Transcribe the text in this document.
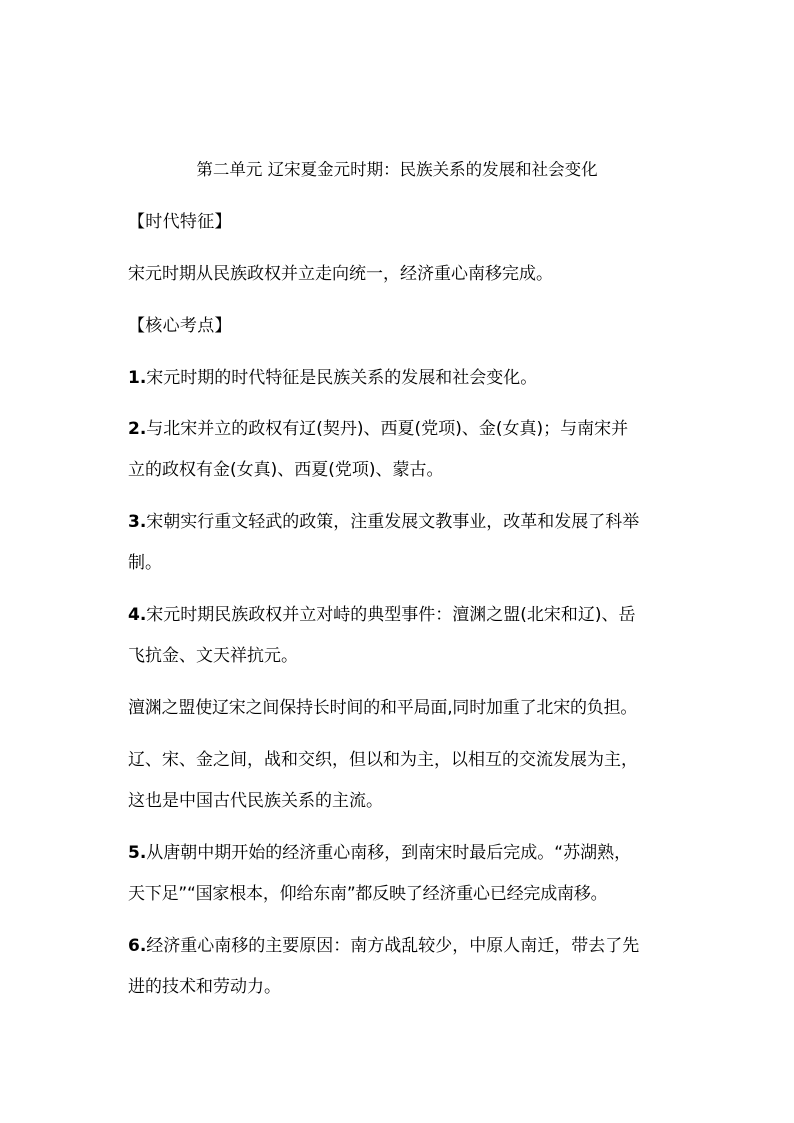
第二单元 辽宋夏金元时期：民族关系的发展和社会变化
【时代特征】
宋元时期从民族政权并立走向统一，经济重心南移完成。
【核心考点】
1.宋元时期的时代特征是民族关系的发展和社会变化。
2.与北宋并立的政权有辽(契丹)、西夏(党项)、金(女真)；与南宋并
立的政权有金(女真)、西夏(党项)、蒙古。
3.宋朝实行重文轻武的政策，注重发展文教事业，改革和发展了科举
制。
4.宋元时期民族政权并立对峙的典型事件：澶渊之盟(北宋和辽)、岳
飞抗金、文天祥抗元。
澶渊之盟使辽宋之间保持长时间的和平局面,同时加重了北宋的负担。
辽、宋、金之间，战和交织，但以和为主，以相互的交流发展为主，
这也是中国古代民族关系的主流。
5.从唐朝中期开始的经济重心南移，到南宋时最后完成。“苏湖熟，
天下足”“国家根本，仰给东南”都反映了经济重心已经完成南移。
6.经济重心南移的主要原因：南方战乱较少，中原人南迁，带去了先
进的技术和劳动力。
